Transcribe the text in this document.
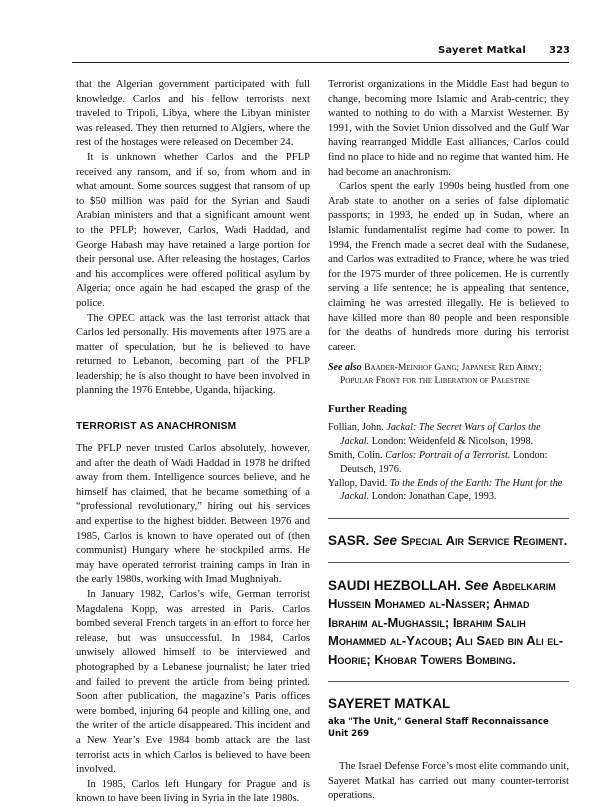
Sayeret Matkal 323

that the Algerian government participated with full knowledge. Carlos and his fellow terrorists next traveled to Tripoli, Libya, where the Libyan minister was released. They then returned to Algiers, where the rest of the hostages were released on December 24.

It is unknown whether Carlos and the PFLP received any ransom, and if so, from whom and in what amount. Some sources suggest that ransom of up to $50 million was paid for the Syrian and Saudi Arabian ministers and that a significant amount went to the PFLP; however, Carlos, Wadi Haddad, and George Habash may have retained a large portion for their personal use. After releasing the hostages, Carlos and his accomplices were offered political asylum by Algeria; once again he had escaped the grasp of the police.

The OPEC attack was the last terrorist attack that Carlos led personally. His movements after 1975 are a matter of speculation, but he is believed to have returned to Lebanon, becoming part of the PFLP leadership; he is also thought to have been involved in planning the 1976 Entebbe, Uganda, hijacking.

TERRORIST AS ANACHRONISM

The PFLP never trusted Carlos absolutely, however, and after the death of Wadi Haddad in 1978 he drifted away from them. Intelligence sources believe, and he himself has claimed, that he became something of a “professional revolutionary,” hiring out his services and expertise to the highest bidder. Between 1976 and 1985, Carlos is known to have operated out of (then communist) Hungary where he stockpiled arms. He may have operated terrorist training camps in Iran in the early 1980s, working with Imad Mughniyah.

In January 1982, Carlos’s wife, German terrorist Magdalena Kopp, was arrested in Paris. Carlos bombed several French targets in an effort to force her release, but was unsuccessful. In 1984, Carlos unwisely allowed himself to be interviewed and photographed by a Lebanese journalist; he later tried and failed to prevent the article from being printed. Soon after publication, the magazine’s Paris offices were bombed, injuring 64 people and killing one, and the writer of the article disappeared. This incident and a New Year’s Eve 1984 bomb attack are the last terrorist acts in which Carlos is believed to have been involved.

In 1985, Carlos left Hungary for Prague and is known to have been living in Syria in the late 1980s.

Terrorist organizations in the Middle East had begun to change, becoming more Islamic and Arab-centric; they wanted to nothing to do with a Marxist Westerner. By 1991, with the Soviet Union dissolved and the Gulf War having rearranged Middle East alliances, Carlos could find no place to hide and no regime that wanted him. He had become an anachronism.

Carlos spent the early 1990s being hustled from one Arab state to another on a series of false diplomatic passports; in 1993, he ended up in Sudan, where an Islamic fundamentalist regime had come to power. In 1994, the French made a secret deal with the Sudanese, and Carlos was extradited to France, where he was tried for the 1975 murder of three policemen. He is currently serving a life sentence; he is appealing that sentence, claiming he was arrested illegally. He is believed to have killed more than 80 people and been responsible for the deaths of hundreds more during his terrorist career.

See also Baader-Meinhof Gang; Japanese Red Army; Popular Front for the Liberation of Palestine
Further Reading

Follian, John. Jackal: The Secret Wars of Carlos the Jackal. London: Weidenfeld & Nicolson, 1998.

Smith, Colin. Carlos: Portrait of a Terrorist. London: Deutsch, 1976.

Yallop, David. To the Ends of the Earth: The Hunt for the Jackal. London: Jonathan Cape, 1993.

SASR. See Special Air Service Regiment.
SAUDI HEZBOLLAH. See Abdelkarim Hussein Mohamed al-Nasser; Ahmad Ibrahim al-Mughassil; Ibrahim Salih Mohammed al-Yacoub; Ali Saed bin Ali el-Hoorie; Khobar Towers Bombing.
SAYERET MATKAL
aka "The Unit," General Staff Reconnaissance Unit 269

The Israel Defense Force’s most elite commando unit, Sayeret Matkal has carried out many counter-terrorist operations.
